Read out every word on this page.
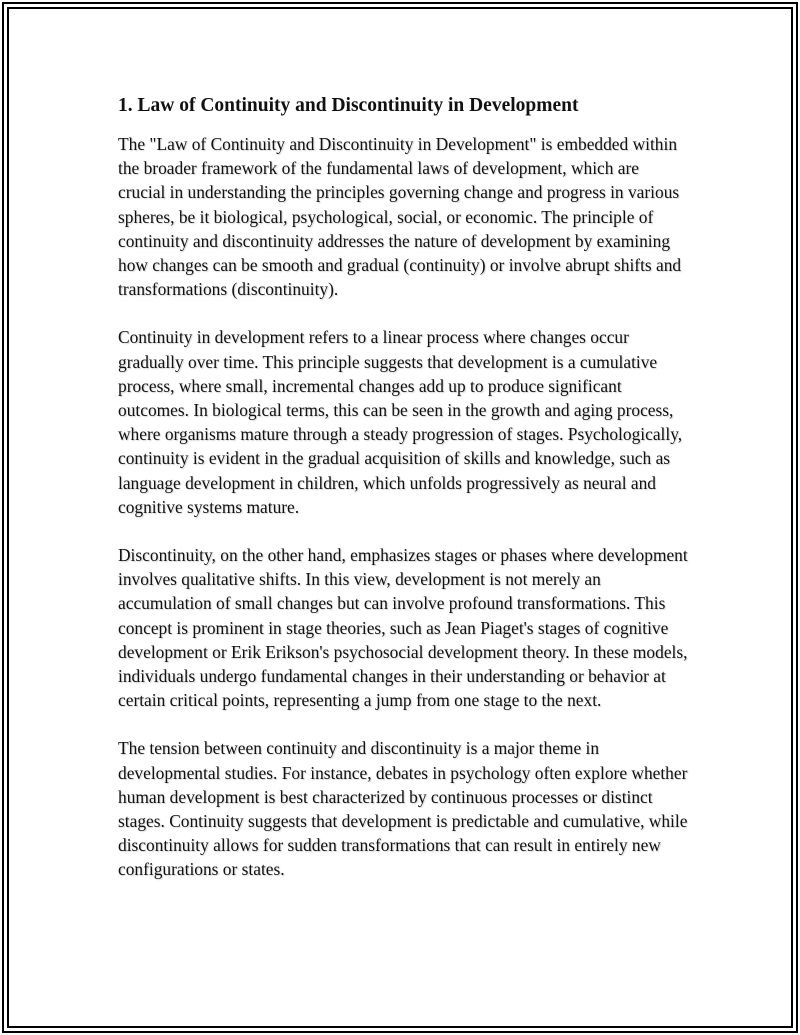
1. Law of Continuity and Discontinuity in Development

The "Law of Continuity and Discontinuity in Development" is embedded within the broader framework of the fundamental laws of development, which are crucial in understanding the principles governing change and progress in various spheres, be it biological, psychological, social, or economic. The principle of continuity and discontinuity addresses the nature of development by examining how changes can be smooth and gradual (continuity) or involve abrupt shifts and transformations (discontinuity).

Continuity in development refers to a linear process where changes occur gradually over time. This principle suggests that development is a cumulative process, where small, incremental changes add up to produce significant outcomes. In biological terms, this can be seen in the growth and aging process, where organisms mature through a steady progression of stages. Psychologically, continuity is evident in the gradual acquisition of skills and knowledge, such as language development in children, which unfolds progressively as neural and cognitive systems mature.

Discontinuity, on the other hand, emphasizes stages or phases where development involves qualitative shifts. In this view, development is not merely an accumulation of small changes but can involve profound transformations. This concept is prominent in stage theories, such as Jean Piaget's stages of cognitive development or Erik Erikson's psychosocial development theory. In these models, individuals undergo fundamental changes in their understanding or behavior at certain critical points, representing a jump from one stage to the next.

The tension between continuity and discontinuity is a major theme in developmental studies. For instance, debates in psychology often explore whether human development is best characterized by continuous processes or distinct stages. Continuity suggests that development is predictable and cumulative, while discontinuity allows for sudden transformations that can result in entirely new configurations or states.
